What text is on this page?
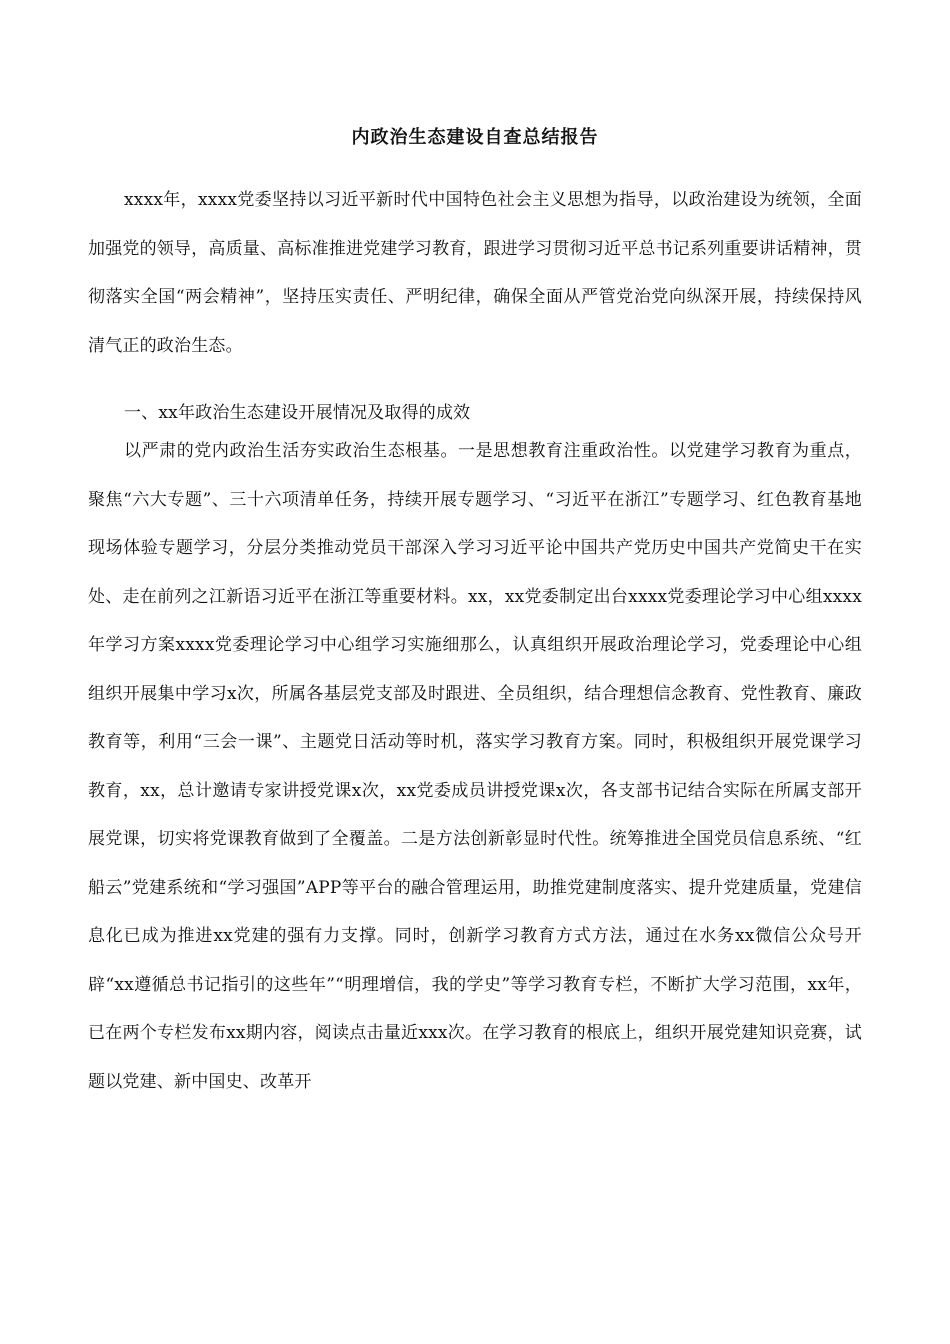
内政治生态建设自查总结报告

xxxx年，xxxx党委坚持以习近平新时代中国特色社会主义思想为指导，以政治建设为统领，全面加强党的领导，高质量、高标准推进党建学习教育，跟进学习贯彻习近平总书记系列重要讲话精神，贯彻落实全国“两会精神”，坚持压实责任、严明纪律，确保全面从严管党治党向纵深开展，持续保持风清气正的政治生态。

一、xx年政治生态建设开展情况及取得的成效

以严肃的党内政治生活夯实政治生态根基。一是思想教育注重政治性。以党建学习教育为重点，聚焦“六大专题”、三十六项清单任务，持续开展专题学习、“习近平在浙江”专题学习、红色教育基地现场体验专题学习，分层分类推动党员干部深入学习习近平论中国共产党历史中国共产党简史干在实处、走在前列之江新语习近平在浙江等重要材料。xx，xx党委制定出台xxxx党委理论学习中心组xxxx年学习方案xxxx党委理论学习中心组学习实施细那么，认真组织开展政治理论学习，党委理论中心组组织开展集中学习x次，所属各基层党支部及时跟进、全员组织，结合理想信念教育、党性教育、廉政教育等，利用“三会一课”、主题党日活动等时机，落实学习教育方案。同时，积极组织开展党课学习教育，xx，总计邀请专家讲授党课x次，xx党委成员讲授党课x次，各支部书记结合实际在所属支部开展党课，切实将党课教育做到了全覆盖。二是方法创新彰显时代性。统筹推进全国党员信息系统、“红船云”党建系统和“学习强国”APP等平台的融合管理运用，助推党建制度落实、提升党建质量，党建信息化已成为推进xx党建的强有力支撑。同时，创新学习教育方式方法，通过在水务xx微信公众号开辟“xx遵循总书记指引的这些年”“明理增信，我的学史”等学习教育专栏，不断扩大学习范围，xx年，已在两个专栏发布xx期内容，阅读点击量近xxx次。在学习教育的根底上，组织开展党建知识竞赛，试题以党建、新中国史、改革开
